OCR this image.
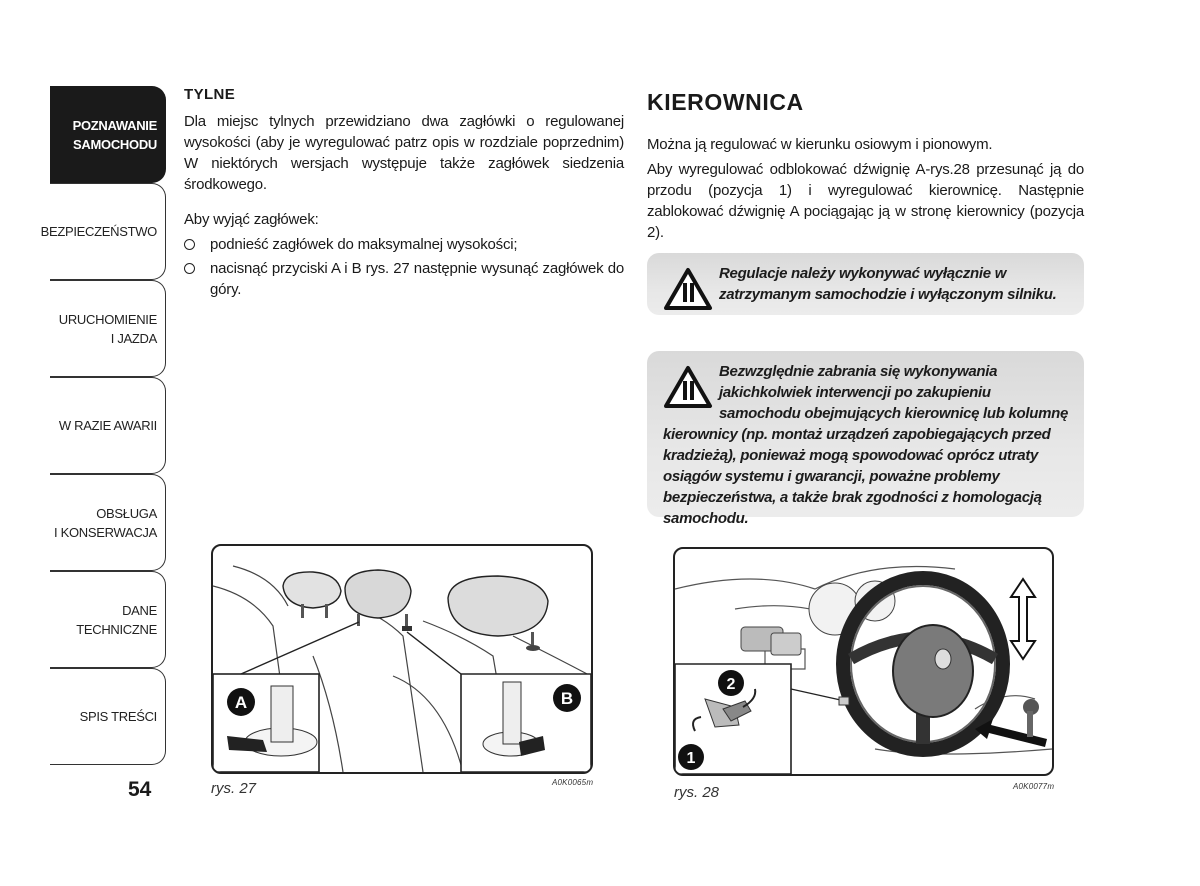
POZNAWANIE
SAMOCHODU
BEZPIECZEŃSTWO
URUCHOMIENIE
I JAZDA
W RAZIE AWARII
OBSŁUGA
I KONSERWACJA
DANE
TECHNICZNE
SPIS TREŚCI
54
TYLNE

Dla miejsc tylnych przewidziano dwa zagłówki o regulowanej wysokości (aby je wyregulować patrz opis w rozdziale poprzednim) W niektórych wersjach występuje także zagłówek siedzenia środkowego.

Aby wyjąć zagłówek:

podnieść zagłówek do maksymalnej wysokości;
nacisnąć przyciski A i B rys. 27 następnie wysunąć zagłówek do góry.
KIEROWNICA

Można ją regulować w kierunku osiowym i pionowym.

Aby wyregulować odblokować dźwignię A-rys.28 przesunąć ją do przodu (pozycja 1) i wyregulować kierownicę. Następnie zablokować dźwignię A pociągając ją w stronę kierownicy (pozycja 2).

Regulacje należy wykonywać wyłącznie w zatrzymanym samochodzie i wyłączonym silniku.
Bezwzględnie zabrania się wykonywania jakichkolwiek interwencji po zakupieniu samochodu obejmujących kierownicę lub kolumnę kierownicy (np. montaż urządzeń zapobiegających przed kradzieżą), ponieważ mogą spowodować oprócz utraty osiągów systemu i gwarancji, poważne problemy bezpieczeństwa, a także brak zgodności z homologacją samochodu.
A	B
rys. 27	A0K0065m
2
1
rys. 28	A0K0077m
